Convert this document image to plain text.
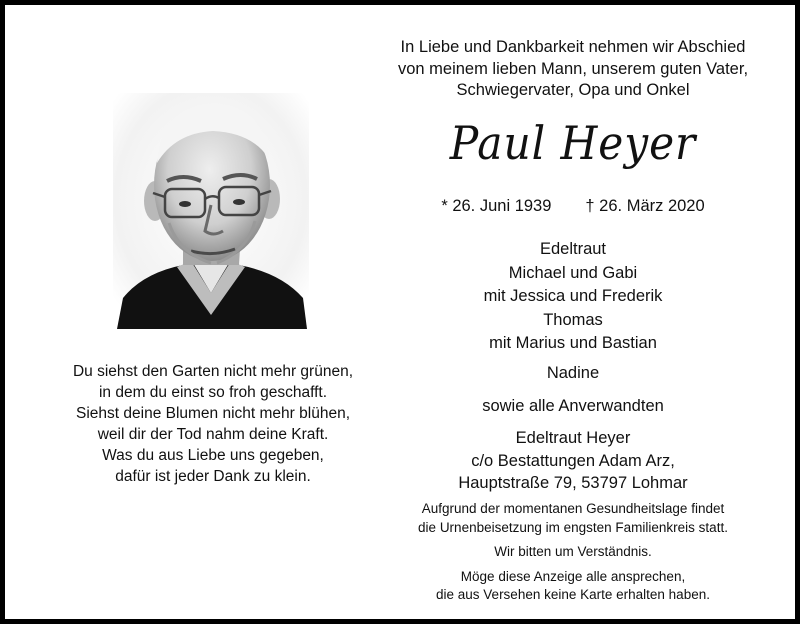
Du siehst den Garten nicht mehr grünen,
in dem du einst so froh geschafft.
Siehst deine Blumen nicht mehr blühen,
weil dir der Tod nahm deine Kraft.
Was du aus Liebe uns gegeben,
dafür ist jeder Dank zu klein.
In Liebe und Dankbarkeit nehmen wir Abschied
von meinem lieben Mann, unserem guten Vater,
Schwiegervater, Opa und Onkel
Paul Heyer
* 26. Juni 1939 † 26. März 2020
Edeltraut
Michael und Gabi
mit Jessica und Frederik
Thomas
mit Marius und Bastian
Nadine
sowie alle Anverwandten
Edeltraut Heyer
c/o Bestattungen Adam Arz,
Hauptstraße 79, 53797 Lohmar
Aufgrund der momentanen Gesundheitslage findet
die Urnenbeisetzung im engsten Familienkreis statt.
Wir bitten um Verständnis.
Möge diese Anzeige alle ansprechen,
die aus Versehen keine Karte erhalten haben.
